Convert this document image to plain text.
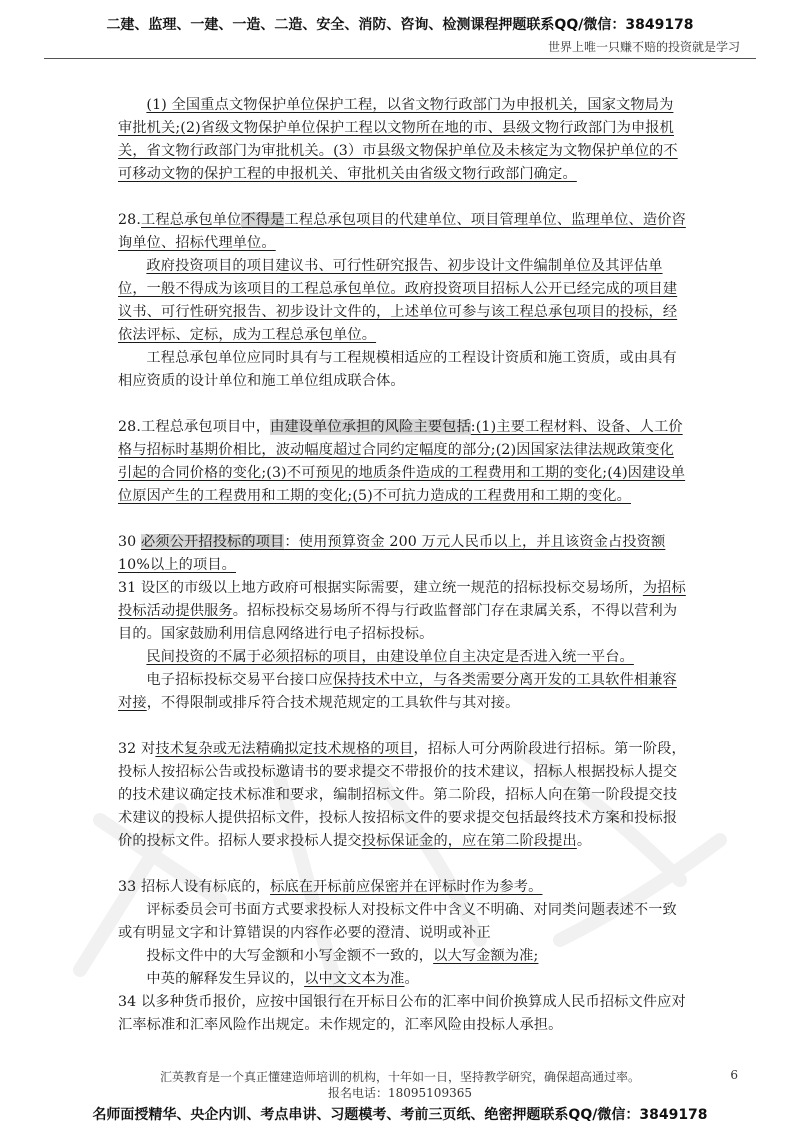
二建、监理、一建、一造、二造、安全、消防、咨询、检测课程押题联系QQ/微信：3849178
世界上唯一只赚不赔的投资就是学习

(1) 全国重点文物保护单位保护工程，以省文物行政部门为申报机关，国家文物局为审批机关;(2)省级文物保护单位保护工程以文物所在地的市、县级文物行政部门为申报机关，省文物行政部门为审批机关。(3）市县级文物保护单位及未核定为文物保护单位的不可移动文物的保护工程的申报机关、审批机关由省级文物行政部门确定。

28.工程总承包单位不得是工程总承包项目的代建单位、项目管理单位、监理单位、造价咨询单位、招标代理单位。

政府投资项目的项目建议书、可行性研究报告、初步设计文件编制单位及其评估单位，一般不得成为该项目的工程总承包单位。政府投资项目招标人公开已经完成的项目建议书、可行性研究报告、初步设计文件的，上述单位可参与该工程总承包项目的投标，经依法评标、定标，成为工程总承包单位。

工程总承包单位应同时具有与工程规模相适应的工程设计资质和施工资质，或由具有相应资质的设计单位和施工单位组成联合体。

28.工程总承包项目中，由建设单位承担的风险主要包括:(1)主要工程材料、设备、人工价格与招标时基期价相比，波动幅度超过合同约定幅度的部分;(2)因国家法律法规政策变化引起的合同价格的变化;(3)不可预见的地质条件造成的工程费用和工期的变化;(4)因建设单位原因产生的工程费用和工期的变化;(5)不可抗力造成的工程费用和工期的变化。

30 必须公开招投标的项目：使用预算资金 200 万元人民币以上，并且该资金占投资额 10%以上的项目。

31 设区的市级以上地方政府可根据实际需要，建立统一规范的招标投标交易场所，为招标投标活动提供服务。招标投标交易场所不得与行政监督部门存在隶属关系，不得以营利为目的。国家鼓励利用信息网络进行电子招标投标。

民间投资的不属于必须招标的项目，由建设单位自主决定是否进入统一平台。

电子招标投标交易平台接口应保持技术中立，与各类需要分离开发的工具软件相兼容对接，不得限制或排斥符合技术规范规定的工具软件与其对接。

32 对技术复杂或无法精确拟定技术规格的项目，招标人可分两阶段进行招标。第一阶段，投标人按招标公告或投标邀请书的要求提交不带报价的技术建议，招标人根据投标人提交的技术建议确定技术标准和要求，编制招标文件。第二阶段，招标人向在第一阶段提交技术建议的投标人提供招标文件，投标人按招标文件的要求提交包括最终技术方案和投标报价的投标文件。招标人要求投标人提交投标保证金的，应在第二阶段提出。

33 招标人设有标底的，标底在开标前应保密并在评标时作为参考。

评标委员会可书面方式要求投标人对投标文件中含义不明确、对同类问题表述不一致或有明显文字和计算错误的内容作必要的澄清、说明或补正

投标文件中的大写金额和小写金额不一致的，以大写金额为准;

中英的解释发生异议的，以中文文本为准。

34 以多种货币报价，应按中国银行在开标日公布的汇率中间价换算成人民币招标文件应对汇率标准和汇率风险作出规定。未作规定的，汇率风险由投标人承担。

汇英教育是一个真正懂建造师培训的机构，十年如一日，坚持教学研究，确保超高通过率。
报名电话：18095109365
6
名师面授精华、央企内训、考点串讲、习题模考、考前三页纸、绝密押题联系QQ/微信：3849178
